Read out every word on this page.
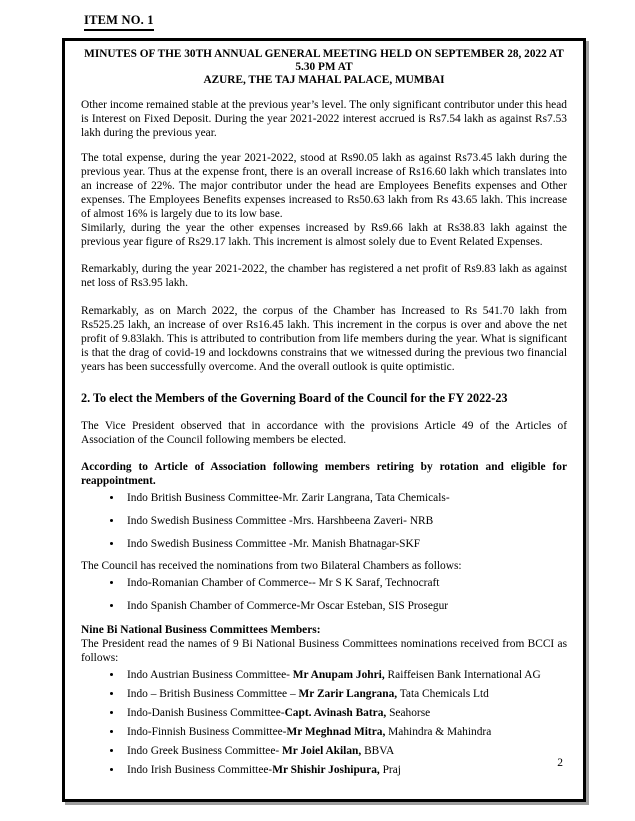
ITEM NO. 1
MINUTES OF THE 30TH ANNUAL GENERAL MEETING HELD ON SEPTEMBER 28, 2022 AT 5.30 PM AT
AZURE, THE TAJ MAHAL PALACE, MUMBAI

Other income remained stable at the previous year’s level. The only significant contributor under this head is Interest on Fixed Deposit. During the year 2021-2022 interest accrued is Rs7.54 lakh as against Rs7.53 lakh during the previous year.

The total expense, during the year 2021-2022, stood at Rs90.05 lakh as against Rs73.45 lakh during the previous year. Thus at the expense front, there is an overall increase of Rs16.60 lakh which translates into an increase of 22%. The major contributor under the head are Employees Benefits expenses and Other expenses. The Employees Benefits expenses increased to Rs50.63 lakh from Rs 43.65 lakh. This increase of almost 16% is largely due to its low base.
Similarly, during the year the other expenses increased by Rs9.66 lakh at Rs38.83 lakh against the previous year figure of Rs29.17 lakh. This increment is almost solely due to Event Related Expenses.

Remarkably, during the year 2021-2022, the chamber has registered a net profit of Rs9.83 lakh as against net loss of Rs3.95 lakh.

Remarkably, as on March 2022, the corpus of the Chamber has Increased to Rs 541.70 lakh from Rs525.25 lakh, an increase of over Rs16.45 lakh. This increment in the corpus is over and above the net profit of 9.83lakh. This is attributed to contribution from life members during the year. What is significant is that the drag of covid-19 and lockdowns constrains that we witnessed during the previous two financial years has been successfully overcome. And the overall outlook is quite optimistic.

2. To elect the Members of the Governing Board of the Council for the FY 2022-23

The Vice President observed that in accordance with the provisions Article 49 of the Articles of Association of the Council following members be elected.

According to Article of Association following members retiring by rotation and eligible for reappointment.

• Indo British Business Committee-Mr. Zarir Langrana, Tata Chemicals-
• Indo Swedish Business Committee -Mrs. Harshbeena Zaveri- NRB
• Indo Swedish Business Committee -Mr. Manish Bhatnagar-SKF

The Council has received the nominations from two Bilateral Chambers as follows:

• Indo-Romanian Chamber of Commerce-- Mr S K Saraf, Technocraft
• Indo Spanish Chamber of Commerce-Mr Oscar Esteban, SIS Prosegur

Nine Bi National Business Committees Members:

The President read the names of 9 Bi National Business Committees nominations received from BCCI as follows:

• Indo Austrian Business Committee- Mr Anupam Johri, Raiffeisen Bank International AG
• Indo – British Business Committee – Mr Zarir Langrana, Tata Chemicals Ltd
• Indo-Danish Business Committee-Capt. Avinash Batra, Seahorse
• Indo-Finnish Business Committee-Mr Meghnad Mitra, Mahindra & Mahindra
• Indo Greek Business Committee- Mr Joiel Akilan, BBVA
• Indo Irish Business Committee-Mr Shishir Joshipura, Praj
2
